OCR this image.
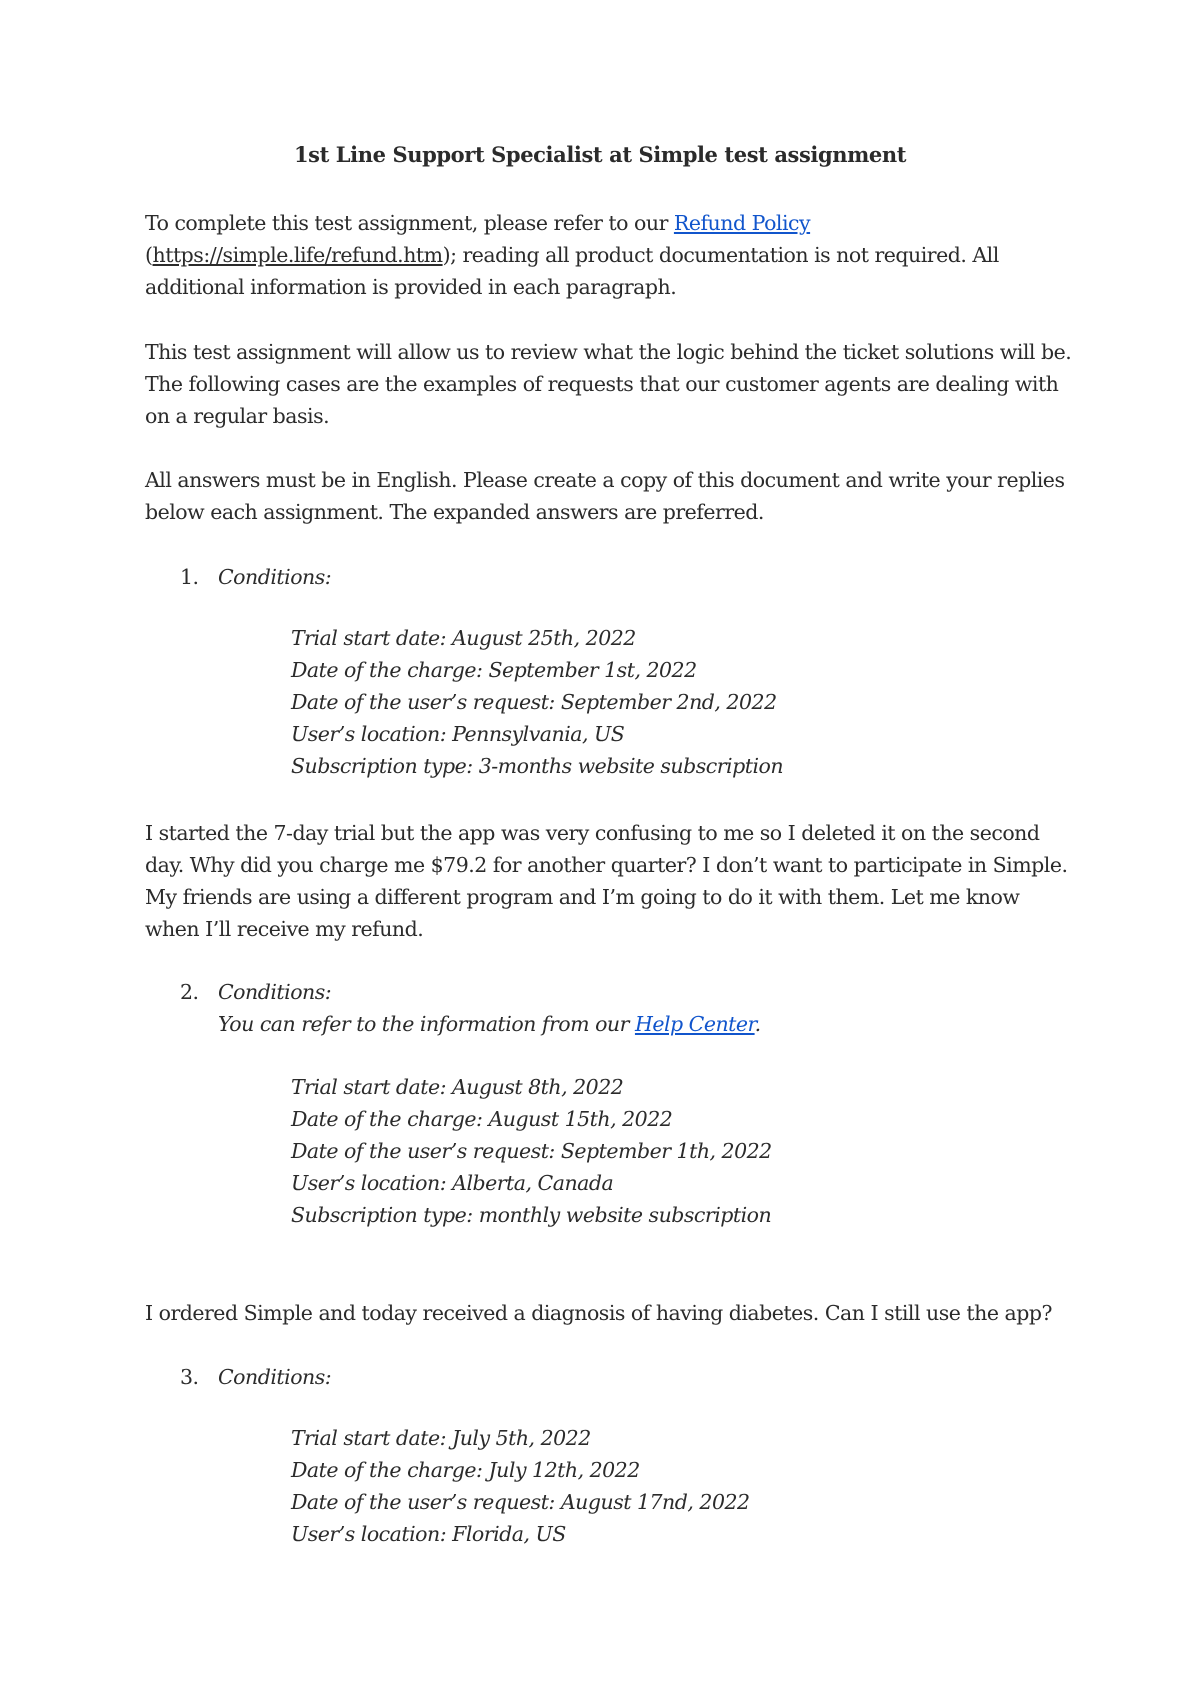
1st Line Support Specialist at Simple test assignment
To complete this test assignment, please refer to our Refund Policy
(https://simple.life/refund.htm); reading all product documentation is not required. All
additional information is provided in each paragraph.
This test assignment will allow us to review what the logic behind the ticket solutions will be.
The following cases are the examples of requests that our customer agents are dealing with
on a regular basis.
All answers must be in English. Please create a copy of this document and write your replies
below each assignment. The expanded answers are preferred.
1. Conditions:
Trial start date: August 25th, 2022
Date of the charge: September 1st, 2022
Date of the user’s request: September 2nd, 2022
User’s location: Pennsylvania, US
Subscription type: 3-months website subscription
I started the 7-day trial but the app was very confusing to me so I deleted it on the second
day. Why did you charge me $79.2 for another quarter? I don’t want to participate in Simple.
My friends are using a different program and I’m going to do it with them. Let me know
when I’ll receive my refund.
2. Conditions:
You can refer to the information from our Help Center.
Trial start date: August 8th, 2022
Date of the charge: August 15th, 2022
Date of the user’s request: September 1th, 2022
User’s location: Alberta, Canada
Subscription type: monthly website subscription
I ordered Simple and today received a diagnosis of having diabetes. Can I still use the app?
3. Conditions:
Trial start date: July 5th, 2022
Date of the charge: July 12th, 2022
Date of the user’s request: August 17nd, 2022
User’s location: Florida, US
